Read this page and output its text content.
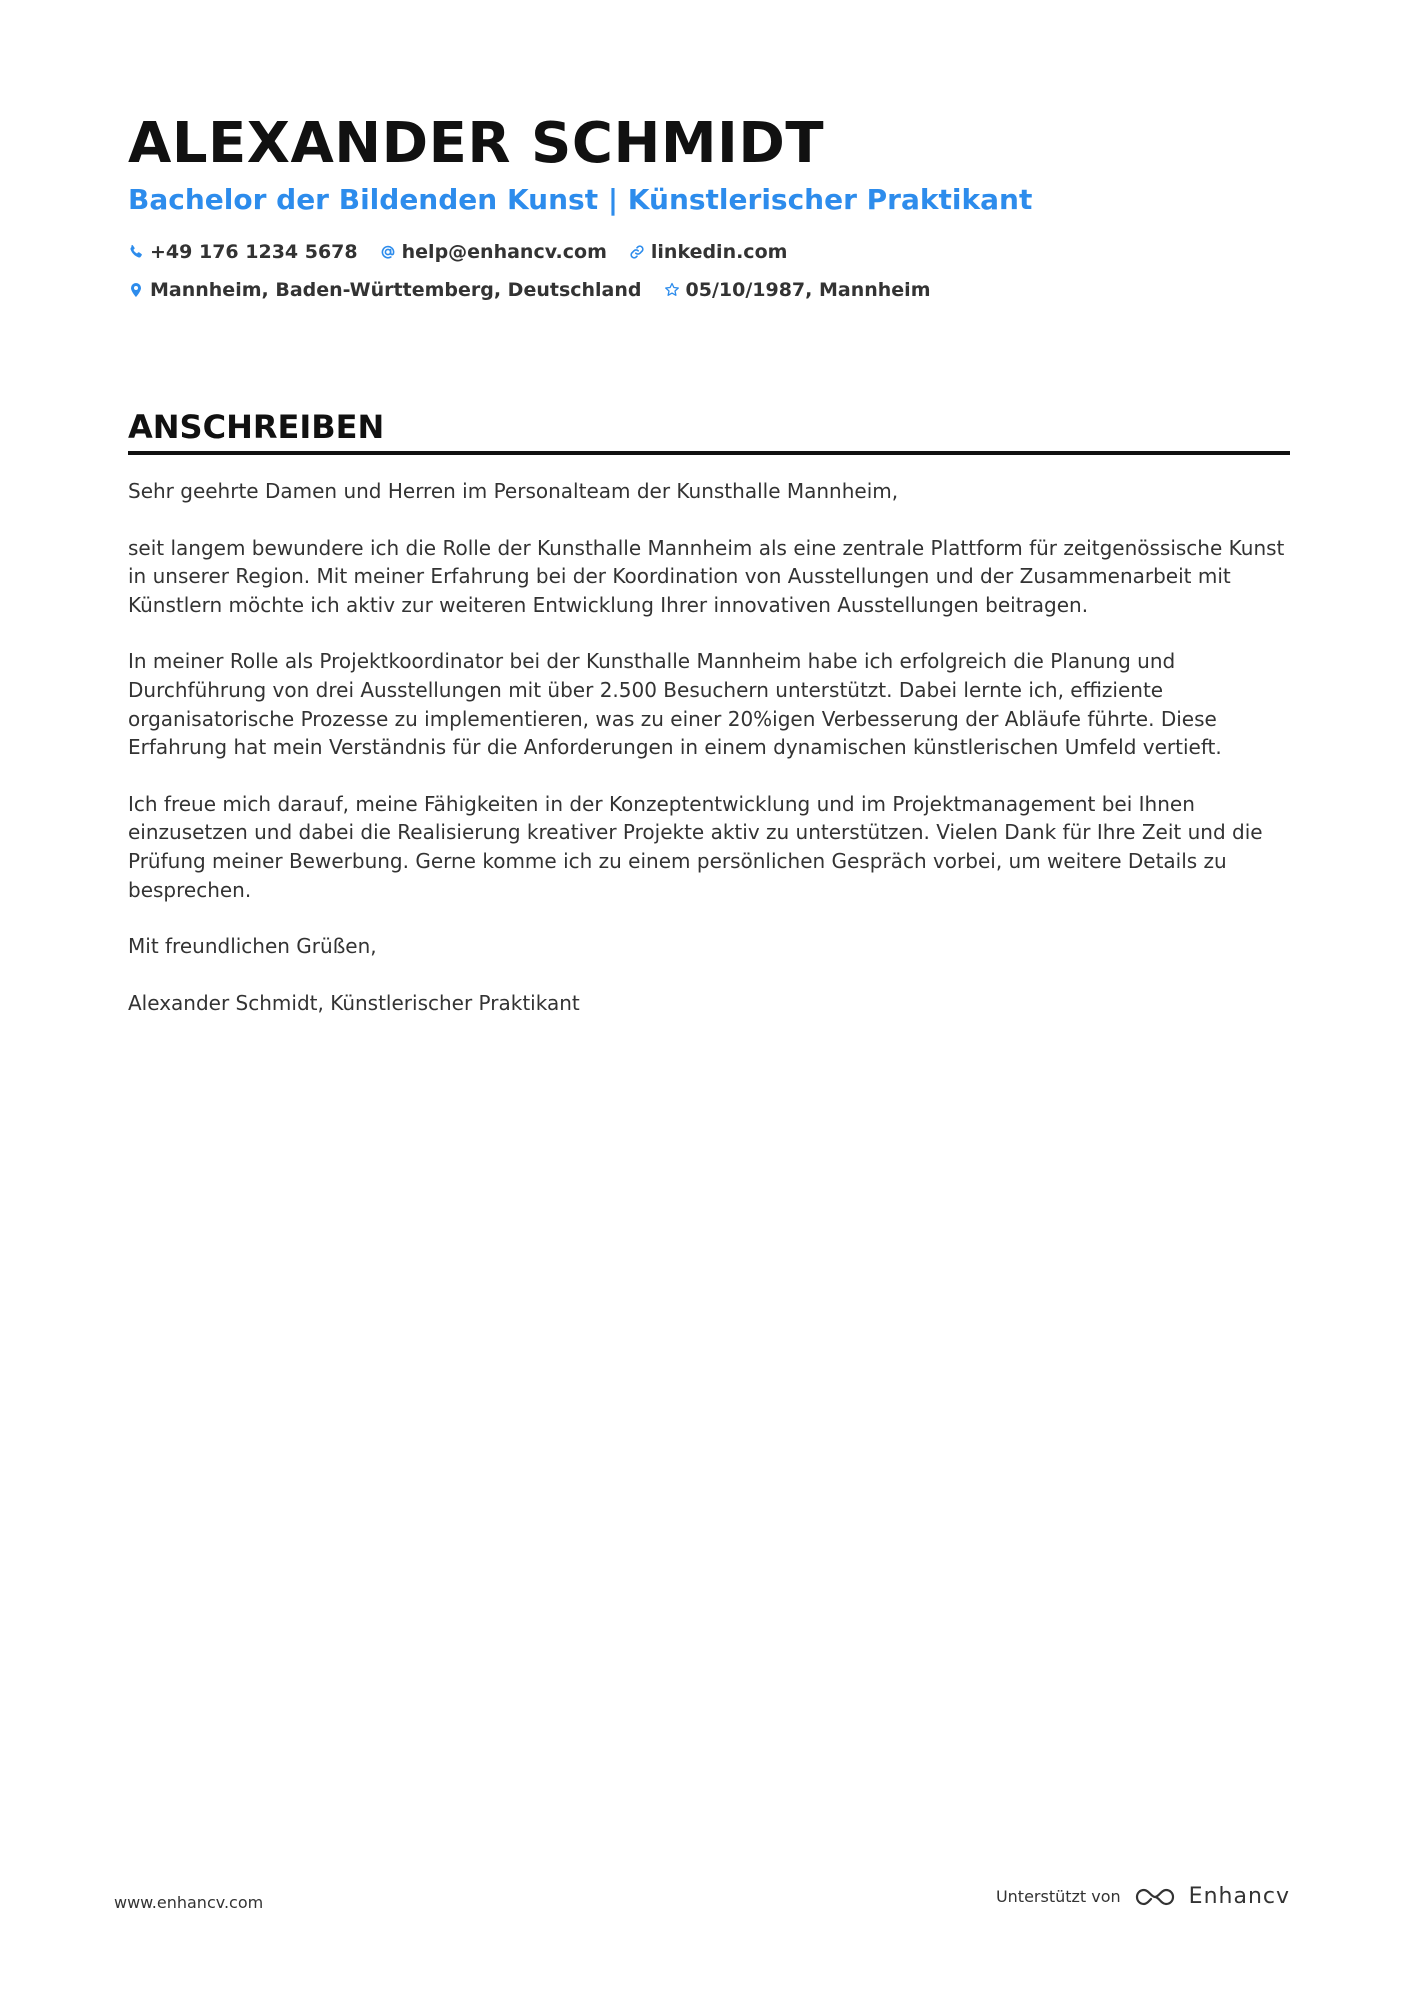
ALEXANDER SCHMIDT
Bachelor der Bildenden Kunst | Künstlerischer Praktikant
+49 176 1234 5678 help@enhancv.com linkedin.com
Mannheim, Baden-Württemberg, Deutschland 05/10/1987, Mannheim
ANSCHREIBEN

Sehr geehrte Damen und Herren im Personalteam der Kunsthalle Mannheim,

seit langem bewundere ich die Rolle der Kunsthalle Mannheim als eine zentrale Plattform für zeitgenössische Kunst in unserer Region. Mit meiner Erfahrung bei der Koordination von Ausstellungen und der Zusammenarbeit mit Künstlern möchte ich aktiv zur weiteren Entwicklung Ihrer innovativen Ausstellungen beitragen.

In meiner Rolle als Projektkoordinator bei der Kunsthalle Mannheim habe ich erfolgreich die Planung und Durchführung von drei Ausstellungen mit über 2.500 Besuchern unterstützt. Dabei lernte ich, effiziente organisatorische Prozesse zu implementieren, was zu einer 20%igen Verbesserung der Abläufe führte. Diese Erfahrung hat mein Verständnis für die Anforderungen in einem dynamischen künstlerischen Umfeld vertieft.

Ich freue mich darauf, meine Fähigkeiten in der Konzeptentwicklung und im Projektmanagement bei Ihnen einzusetzen und dabei die Realisierung kreativer Projekte aktiv zu unterstützen. Vielen Dank für Ihre Zeit und die Prüfung meiner Bewerbung. Gerne komme ich zu einem persönlichen Gespräch vorbei, um weitere Details zu besprechen.

Mit freundlichen Grüßen,

Alexander Schmidt, Künstlerischer Praktikant

www.enhancv.com	Unterstützt von	Enhancv
